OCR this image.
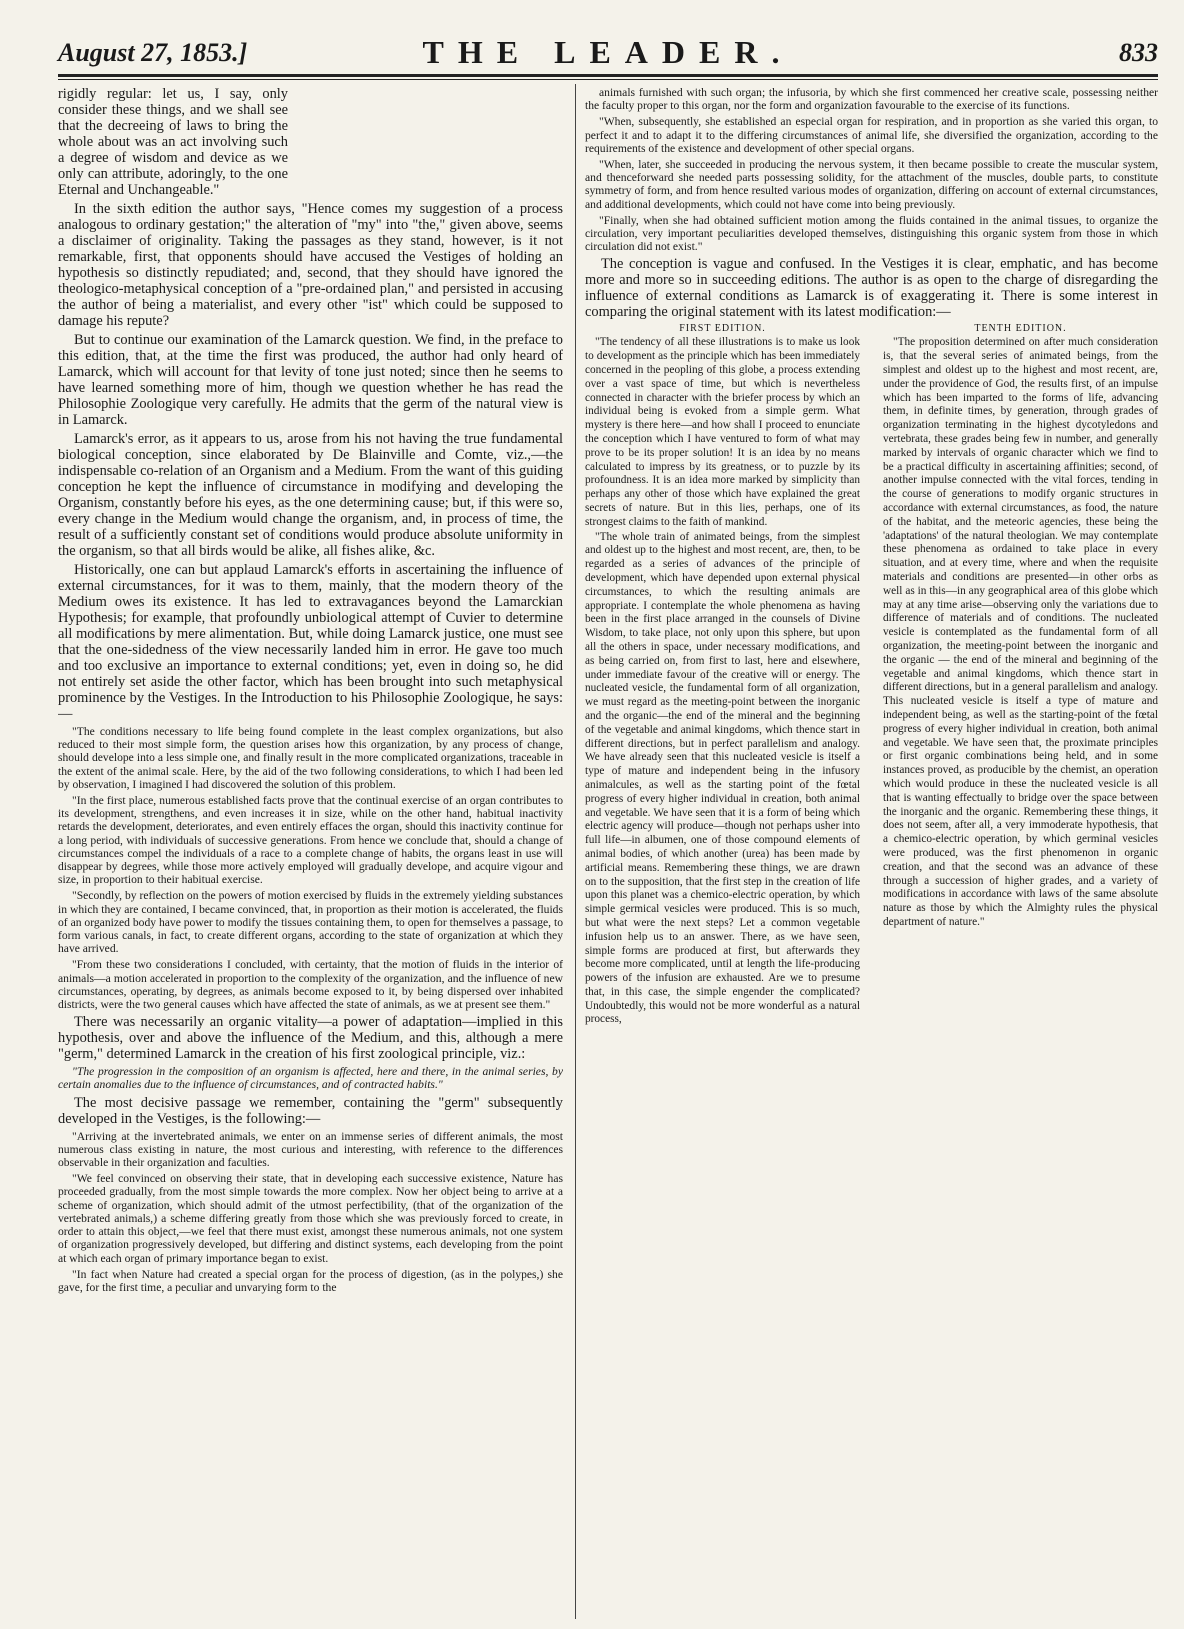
August 27, 1853.]	THE LEADER.	833

rigidly regular: let us, I say, only consider these things, and we shall see that the decreeing of laws to bring the whole about was an act involving such a degree of wisdom and device as we only can attribute, adoringly, to the one Eternal and Unchangeable."

In the sixth edition the author says, "Hence comes my suggestion of a process analogous to ordinary gestation;" the alteration of "my" into "the," given above, seems a disclaimer of originality. Taking the passages as they stand, however, is it not remarkable, first, that opponents should have accused the Vestiges of holding an hypothesis so distinctly repudiated; and, second, that they should have ignored the theologico-metaphysical conception of a "pre-ordained plan," and persisted in accusing the author of being a materialist, and every other "ist" which could be supposed to damage his repute?

But to continue our examination of the Lamarck question. We find, in the preface to this edition, that, at the time the first was produced, the author had only heard of Lamarck, which will account for that levity of tone just noted; since then he seems to have learned something more of him, though we question whether he has read the Philosophie Zoologique very carefully. He admits that the germ of the natural view is in Lamarck.

Lamarck's error, as it appears to us, arose from his not having the true fundamental biological conception, since elaborated by De Blainville and Comte, viz.,—the indispensable co-relation of an Organism and a Medium. From the want of this guiding conception he kept the influence of circumstance in modifying and developing the Organism, constantly before his eyes, as the one determining cause; but, if this were so, every change in the Medium would change the organism, and, in process of time, the result of a sufficiently constant set of conditions would produce absolute uniformity in the organism, so that all birds would be alike, all fishes alike, &c.

Historically, one can but applaud Lamarck's efforts in ascertaining the influence of external circumstances, for it was to them, mainly, that the modern theory of the Medium owes its existence. It has led to extravagances beyond the Lamarckian Hypothesis; for example, that profoundly unbiological attempt of Cuvier to determine all modifications by mere alimentation. But, while doing Lamarck justice, one must see that the one-sidedness of the view necessarily landed him in error. He gave too much and too exclusive an importance to external conditions; yet, even in doing so, he did not entirely set aside the other factor, which has been brought into such metaphysical prominence by the Vestiges. In the Introduction to his Philosophie Zoologique, he says:—

"The conditions necessary to life being found complete in the least complex organizations, but also reduced to their most simple form, the question arises how this organization, by any process of change, should develope into a less simple one, and finally result in the more complicated organizations, traceable in the extent of the animal scale. Here, by the aid of the two following considerations, to which I had been led by observation, I imagined I had discovered the solution of this problem.

"In the first place, numerous established facts prove that the continual exercise of an organ contributes to its development, strengthens, and even increases it in size, while on the other hand, habitual inactivity retards the development, deteriorates, and even entirely effaces the organ, should this inactivity continue for a long period, with individuals of successive generations. From hence we conclude that, should a change of circumstances compel the individuals of a race to a complete change of habits, the organs least in use will disappear by degrees, while those more actively employed will gradually develope, and acquire vigour and size, in proportion to their habitual exercise.

"Secondly, by reflection on the powers of motion exercised by fluids in the extremely yielding substances in which they are contained, I became convinced, that, in proportion as their motion is accelerated, the fluids of an organized body have power to modify the tissues containing them, to open for themselves a passage, to form various canals, in fact, to create different organs, according to the state of organization at which they have arrived.

"From these two considerations I concluded, with certainty, that the motion of fluids in the interior of animals—a motion accelerated in proportion to the complexity of the organization, and the influence of new circumstances, operating, by degrees, as animals become exposed to it, by being dispersed over inhabited districts, were the two general causes which have affected the state of animals, as we at present see them."

There was necessarily an organic vitality—a power of adaptation—implied in this hypothesis, over and above the influence of the Medium, and this, although a mere "germ," determined Lamarck in the creation of his first zoological principle, viz.:

"The progression in the composition of an organism is affected, here and there, in the animal series, by certain anomalies due to the influence of circumstances, and of contracted habits."

The most decisive passage we remember, containing the "germ" subsequently developed in the Vestiges, is the following:—

"Arriving at the invertebrated animals, we enter on an immense series of different animals, the most numerous class existing in nature, the most curious and interesting, with reference to the differences observable in their organization and faculties.

"We feel convinced on observing their state, that in developing each successive existence, Nature has proceeded gradually, from the most simple towards the more complex. Now her object being to arrive at a scheme of organization, which should admit of the utmost perfectibility, (that of the organization of the vertebrated animals,) a scheme differing greatly from those which she was previously forced to create, in order to attain this object,—we feel that there must exist, amongst these numerous animals, not one system of organization progressively developed, but differing and distinct systems, each developing from the point at which each organ of primary importance began to exist.

"In fact when Nature had created a special organ for the process of digestion, (as in the polypes,) she gave, for the first time, a peculiar and unvarying form to the

animals furnished with such organ; the infusoria, by which she first commenced her creative scale, possessing neither the faculty proper to this organ, nor the form and organization favourable to the exercise of its functions.

"When, subsequently, she established an especial organ for respiration, and in proportion as she varied this organ, to perfect it and to adapt it to the differing circumstances of animal life, she diversified the organization, according to the requirements of the existence and development of other special organs.

"When, later, she succeeded in producing the nervous system, it then became possible to create the muscular system, and thenceforward she needed parts possessing solidity, for the attachment of the muscles, double parts, to constitute symmetry of form, and from hence resulted various modes of organization, differing on account of external circumstances, and additional developments, which could not have come into being previously.

"Finally, when she had obtained sufficient motion among the fluids contained in the animal tissues, to organize the circulation, very important peculiarities developed themselves, distinguishing this organic system from those in which circulation did not exist."

The conception is vague and confused. In the Vestiges it is clear, emphatic, and has become more and more so in succeeding editions. The author is as open to the charge of disregarding the influence of external conditions as Lamarck is of exaggerating it. There is some interest in comparing the original statement with its latest modification:—

FIRST EDITION.

"The tendency of all these illustrations is to make us look to development as the principle which has been immediately concerned in the peopling of this globe, a process extending over a vast space of time, but which is nevertheless connected in character with the briefer process by which an individual being is evoked from a simple germ. What mystery is there here—and how shall I proceed to enunciate the conception which I have ventured to form of what may prove to be its proper solution! It is an idea by no means calculated to impress by its greatness, or to puzzle by its profoundness. It is an idea more marked by simplicity than perhaps any other of those which have explained the great secrets of nature. But in this lies, perhaps, one of its strongest claims to the faith of mankind.

"The whole train of animated beings, from the simplest and oldest up to the highest and most recent, are, then, to be regarded as a series of advances of the principle of development, which have depended upon external physical circumstances, to which the resulting animals are appropriate. I contemplate the whole phenomena as having been in the first place arranged in the counsels of Divine Wisdom, to take place, not only upon this sphere, but upon all the others in space, under necessary modifications, and as being carried on, from first to last, here and elsewhere, under immediate favour of the creative will or energy. The nucleated vesicle, the fundamental form of all organization, we must regard as the meeting-point between the inorganic and the organic—the end of the mineral and the beginning of the vegetable and animal kingdoms, which thence start in different directions, but in perfect parallelism and analogy. We have already seen that this nucleated vesicle is itself a type of mature and independent being in the infusory animalcules, as well as the starting point of the fœtal progress of every higher individual in creation, both animal and vegetable. We have seen that it is a form of being which electric agency will produce—though not perhaps usher into full life—in albumen, one of those compound elements of animal bodies, of which another (urea) has been made by artificial means. Remembering these things, we are drawn on to the supposition, that the first step in the creation of life upon this planet was a chemico-electric operation, by which simple germical vesicles were produced. This is so much, but what were the next steps? Let a common vegetable infusion help us to an answer. There, as we have seen, simple forms are produced at first, but afterwards they become more complicated, until at length the life-producing powers of the infusion are exhausted. Are we to presume that, in this case, the simple engender the complicated? Undoubtedly, this would not be more wonderful as a natural process,

TENTH EDITION.

"The proposition determined on after much consideration is, that the several series of animated beings, from the simplest and oldest up to the highest and most recent, are, under the providence of God, the results first, of an impulse which has been imparted to the forms of life, advancing them, in definite times, by generation, through grades of organization terminating in the highest dycotyledons and vertebrata, these grades being few in number, and generally marked by intervals of organic character which we find to be a practical difficulty in ascertaining affinities; second, of another impulse connected with the vital forces, tending in the course of generations to modify organic structures in accordance with external circumstances, as food, the nature of the habitat, and the meteoric agencies, these being the 'adaptations' of the natural theologian. We may contemplate these phenomena as ordained to take place in every situation, and at every time, where and when the requisite materials and conditions are presented—in other orbs as well as in this—in any geographical area of this globe which may at any time arise—observing only the variations due to difference of materials and of conditions. The nucleated vesicle is contemplated as the fundamental form of all organization, the meeting-point between the inorganic and the organic — the end of the mineral and beginning of the vegetable and animal kingdoms, which thence start in different directions, but in a general parallelism and analogy. This nucleated vesicle is itself a type of mature and independent being, as well as the starting-point of the fœtal progress of every higher individual in creation, both animal and vegetable. We have seen that, the proximate principles or first organic combinations being held, and in some instances proved, as producible by the chemist, an operation which would produce in these the nucleated vesicle is all that is wanting effectually to bridge over the space between the inorganic and the organic. Remembering these things, it does not seem, after all, a very immoderate hypothesis, that a chemico-electric operation, by which germinal vesicles were produced, was the first phenomenon in organic creation, and that the second was an advance of these through a succession of higher grades, and a variety of modifications in accordance with laws of the same absolute nature as those by which the Almighty rules the physical department of nature."
